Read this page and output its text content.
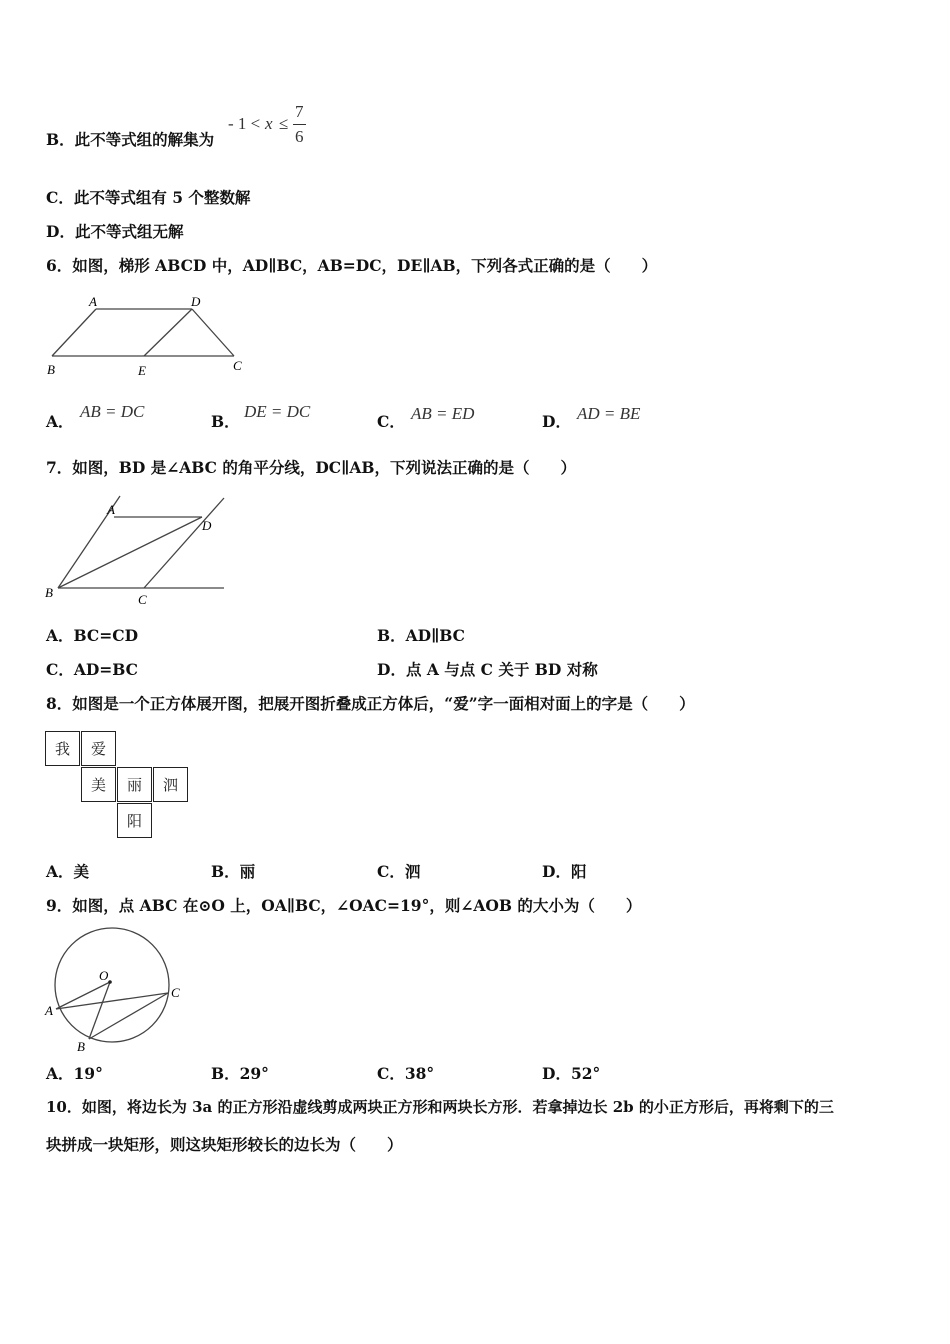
B．此不等式组的解集为
- 1 < x ≤
7
6
C．此不等式组有 5 个整数解
D．此不等式组无解
6．如图，梯形 ABCD 中，AD∥BC，AB=DC，DE∥AB，下列各式正确的是（　　）
A	D
B	E	C
A．
AB = DC
B．
DE = DC
C． AB = ED	D． AD = BE
7．如图，BD 是∠ABC 的角平分线，DC∥AB，下列说法正确的是（　　）
A
D
B	C
A．BC=CD	B．AD∥BC
C．AD=BC	D．点 A 与点 C 关于 BD 对称
8．如图是一个正方体展开图，把展开图折叠成正方体后，“爱”字一面相对面上的字是（　　）
我	爱
美	丽	泗
阳
A．美	B．丽	C．泗	D．阳
9．如图，点 ABC 在⊙O 上，OA∥BC，∠OAC=19°，则∠AOB 的大小为（　　）
O
A
B
C
A．19°	B．29°	C．38°	D．52°
10．如图，将边长为 3a 的正方形沿虚线剪成两块正方形和两块长方形．若拿掉边长 2b 的小正方形后，再将剩下的三
块拼成一块矩形，则这块矩形较长的边长为（　　）
